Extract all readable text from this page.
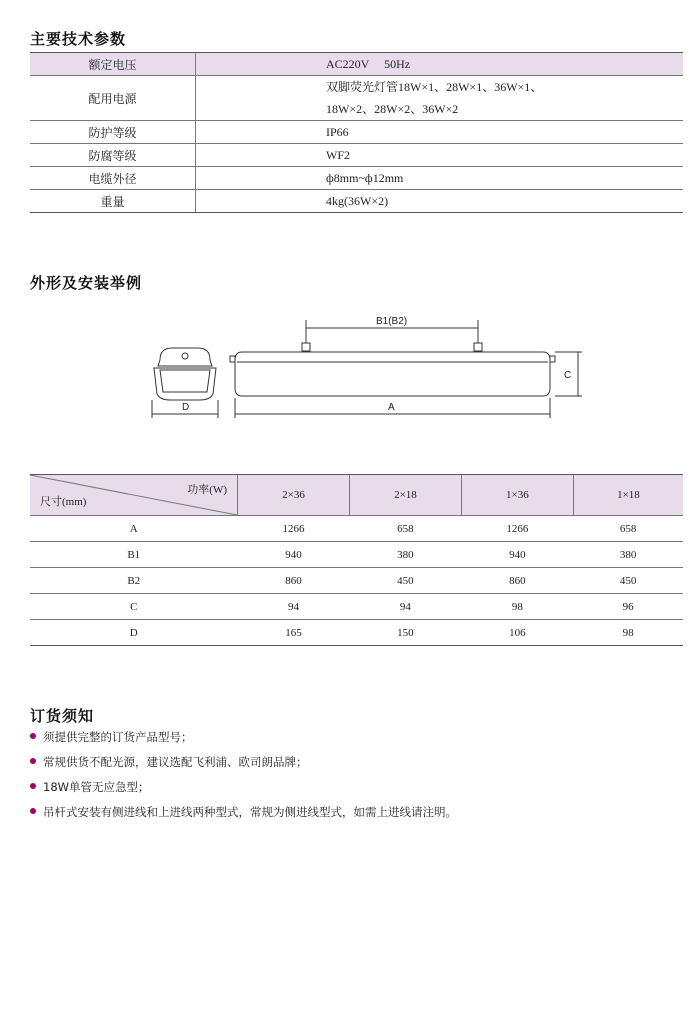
主要技术参数
额定电压	AC220V　 50Hz

配用电源	双脚荧光灯管18W×1、28W×1、36W×1、
18W×2、28W×2、36W×2

防护等级	IP66

防腐等级	WF2

电缆外径	ф8mm~ф12mm

重量	4kg(36W×2)
外形及安装举例
D
B1(B2)
A
C
功率(W)
尺寸(mm)	2×36	2×18	1×36	1×18
A	1266	658	1266	658
B1	940	380	940	380
B2	860	450	860	450
C	94	94	98	96
D	165	150	106	98
订货须知
须提供完整的订货产品型号；
常规供货不配光源，建议选配飞利浦、欧司朗品牌；
18W单管无应急型；
吊杆式安装有侧进线和上进线两种型式，常规为侧进线型式，如需上进线请注明。
